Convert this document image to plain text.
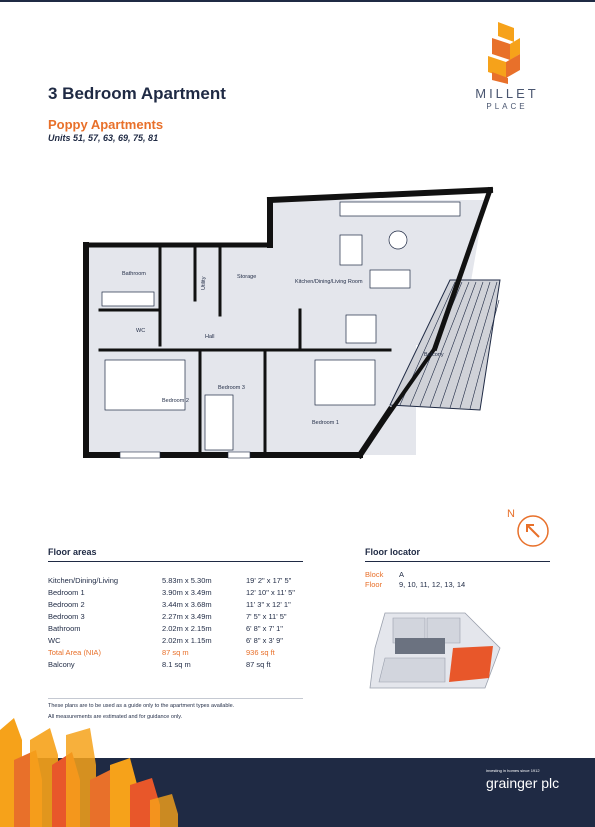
MILLET
PLACE
3 Bedroom Apartment
Poppy Apartments
Units 51, 57, 63, 69, 75, 81
Bathroom
Utility	Storage
Kitchen/Dining/Living Room
WC
Hall
Bedroom 2
Bedroom 3
Bedroom 1
Balcony
N
Floor areas
Kitchen/Dining/Living	5.83m x 5.30m	19' 2" x 17' 5"
Bedroom 1	3.90m x 3.49m	12' 10" x 11' 5"
Bedroom 2	3.44m x 3.68m	11' 3" x 12' 1"
Bedroom 3	2.27m x 3.49m	7' 5" x 11' 5"
Bathroom	2.02m x 2.15m	6' 8" x 7' 1"
WC	2.02m x 1.15m	6' 8" x 3' 9"
Total Area (NIA)	87 sq m	936 sq ft
Balcony	8.1 sq m	87 sq ft
Floor locator
Block A
Floor 9, 10, 11, 12, 13, 14
These plans are to be used as a guide only to the apartment types available.
All measurements are estimated and for guidance only.
investing in homes since 1912
grainger plc
